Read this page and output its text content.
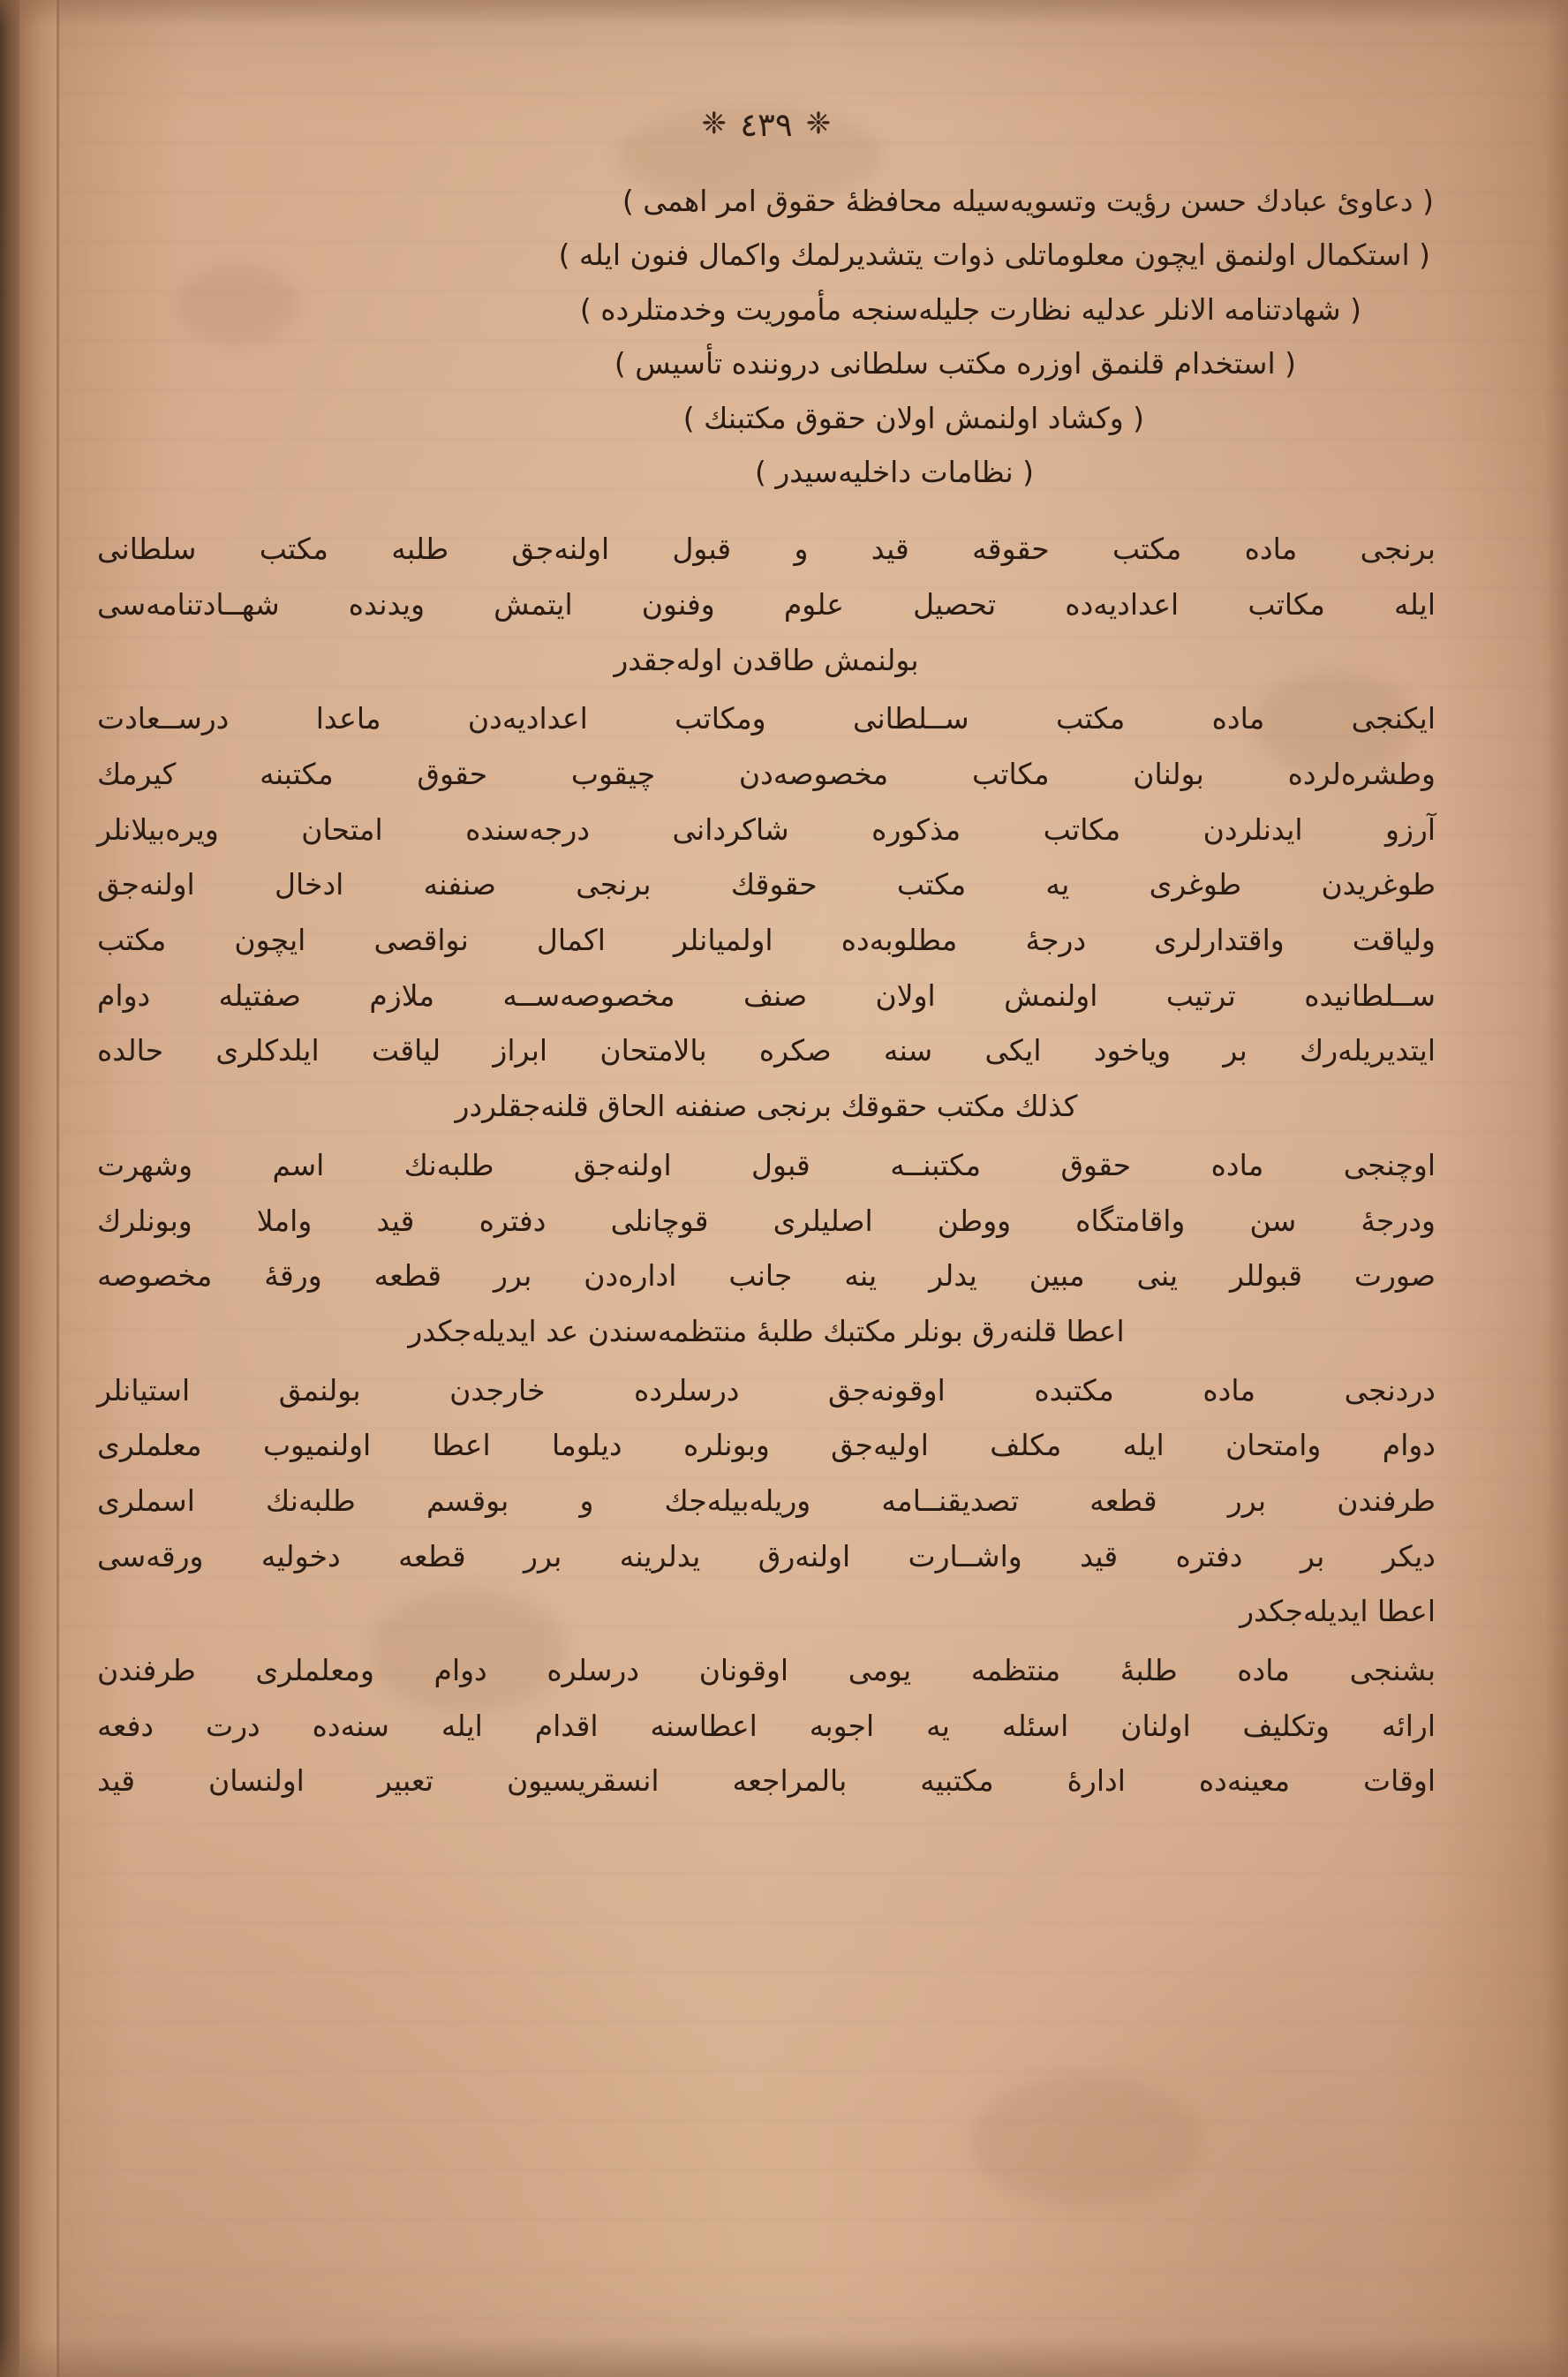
❈ ٤٣٩ ❈
( دعاوىٔ عبادك حسن رؤيت وتسويه‌سيله محافظهٔ حقوق امر اهمى )
( استكمال اولنمق ايچون معلوماتلى ذوات يتشديرلمك واكمال فنون ايله )
( شهادتنامه الانلر عدليه نظارت جليله‌سنجه مأموريت وخدمتلرده )
( استخدام قلنمق اوزره مكتب سلطانى دروننده تأسيس )
( وكشاد اولنمش اولان حقوق مكتبنك )
( نظامات داخليه‌سيدر )
برنجى ماده مكتب حقوقه قيد و قبول اولنه‌جق طلبه مكتب سلطانى
ايله مكاتب اعداديه‌ده تحصيل علوم وفنون ايتمش ويدنده شهــادتنامه‌سى
بولنمش طاقدن اوله‌جقدر
ايكنجى ماده مكتب ســلطانى ومكاتب اعداديه‌دن ماعدا درســعادت
وطشره‌لرده بولنان مكاتب مخصوصه‌دن چيقوب حقوق مكتبنه كيرمك
آرزو ايدنلردن مكاتب مذكوره شاكردانى درجه‌سنده امتحان ويره‌بيلانلر
طوغريدن طوغرى يه مكتب حقوقك برنجى صنفنه ادخال اولنه‌جق
ولياقت واقتدارلرى درجهٔ مطلوبه‌ده اولميانلر اكمال نواقصى ايچون مكتب
ســلطانيده ترتيب اولنمش اولان صنف مخصوصه‌ســه ملازم صفتيله دوام
ايتديريله‌رك بر وياخود ايكى سنه صكره بالامتحان ابراز لياقت ايلدكلرى حالده
كذلك مكتب حقوقك برنجى صنفنه الحاق قلنه‌جقلردر
اوچنجى ماده حقوق مكتبنــه قبول اولنه‌جق طلبه‌نك اسم وشهرت
ودرجهٔ سن واقامتگاه ووطن اصليلرى قوچانلى دفتره قيد واملا وبونلرك
صورت قبوللر ينى مبين يدلر ينه جانب اداره‌دن برر قطعه ورقهٔ مخصوصه
اعطا قلنه‌رق بونلر مكتبك طلبهٔ منتظمه‌سندن عد ايديله‌جكدر
دردنجى ماده مكتبده اوقونه‌جق درسلرده خارجدن بولنمق استيانلر
دوام وامتحان ايله مكلف اوليه‌جق وبونلره ديلوما اعطا اولنميوب معلملرى
طرفندن برر قطعه تصديقنــامه وريله‌بيله‌جك و بوقسم طلبه‌نك اسملرى
ديكر بر دفتره قيد واشــارت اولنه‌رق يدلرينه برر قطعه دخوليه ورقه‌سى
اعطا ايديله‌جكدر
بشنجى ماده طلبهٔ منتظمه يومى اوقونان درسلره دوام ومعلملرى طرفندن
ارائه وتكليف اولنان اسئله يه اجوبه اعطاسنه اقدام ايله سنه‌ده درت دفعه
اوقات معينه‌ده ادارهٔ مكتبيه بالمراجعه انسقريسيون تعبير اولنسان قيد
